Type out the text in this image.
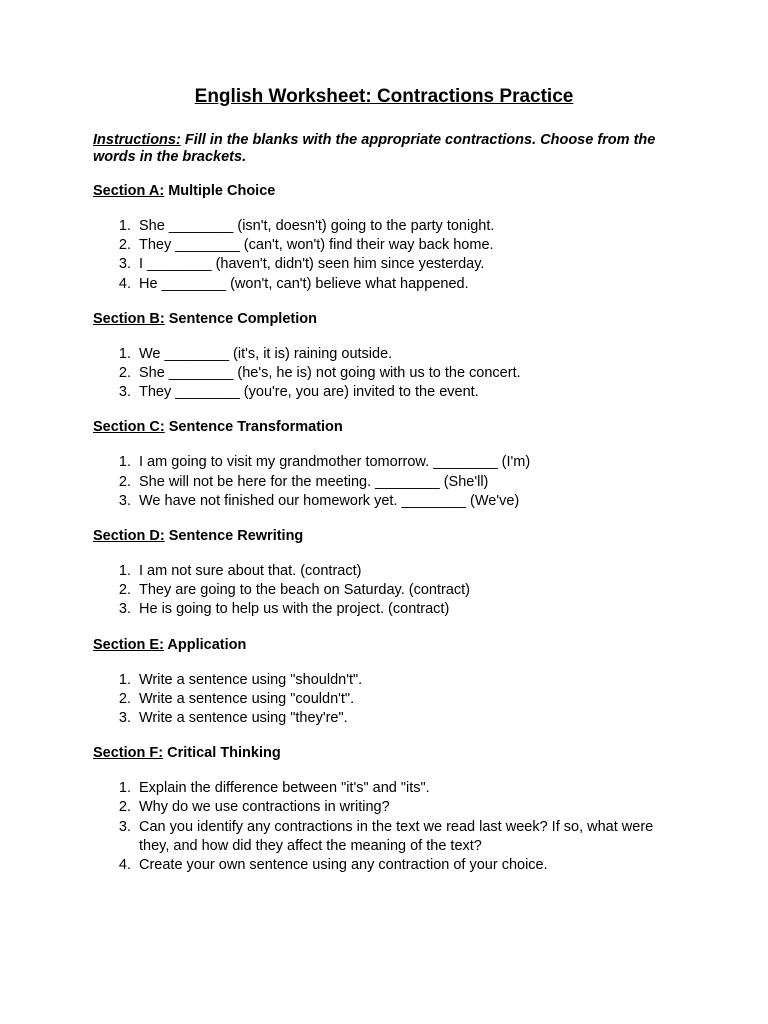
English Worksheet: Contractions Practice

Instructions: Fill in the blanks with the appropriate contractions. Choose from the words in the brackets.

Section A: Multiple Choice

1. She ________ (isn't, doesn't) going to the party tonight.
2. They ________ (can't, won't) find their way back home.
3. I ________ (haven't, didn't) seen him since yesterday.
4. He ________ (won't, can't) believe what happened.

Section B: Sentence Completion

1. We ________ (it's, it is) raining outside.
2. She ________ (he's, he is) not going with us to the concert.
3. They ________ (you're, you are) invited to the event.

Section C: Sentence Transformation

1. I am going to visit my grandmother tomorrow. ________ (I'm)
2. She will not be here for the meeting. ________ (She'll)
3. We have not finished our homework yet. ________ (We've)

Section D: Sentence Rewriting

1. I am not sure about that. (contract)
2. They are going to the beach on Saturday. (contract)
3. He is going to help us with the project. (contract)

Section E: Application

1. Write a sentence using "shouldn't".
2. Write a sentence using "couldn't".
3. Write a sentence using "they're".

Section F: Critical Thinking

1. Explain the difference between "it's" and "its".
2. Why do we use contractions in writing?
3. Can you identify any contractions in the text we read last week? If so, what were they, and how did they affect the meaning of the text?
4. Create your own sentence using any contraction of your choice.
